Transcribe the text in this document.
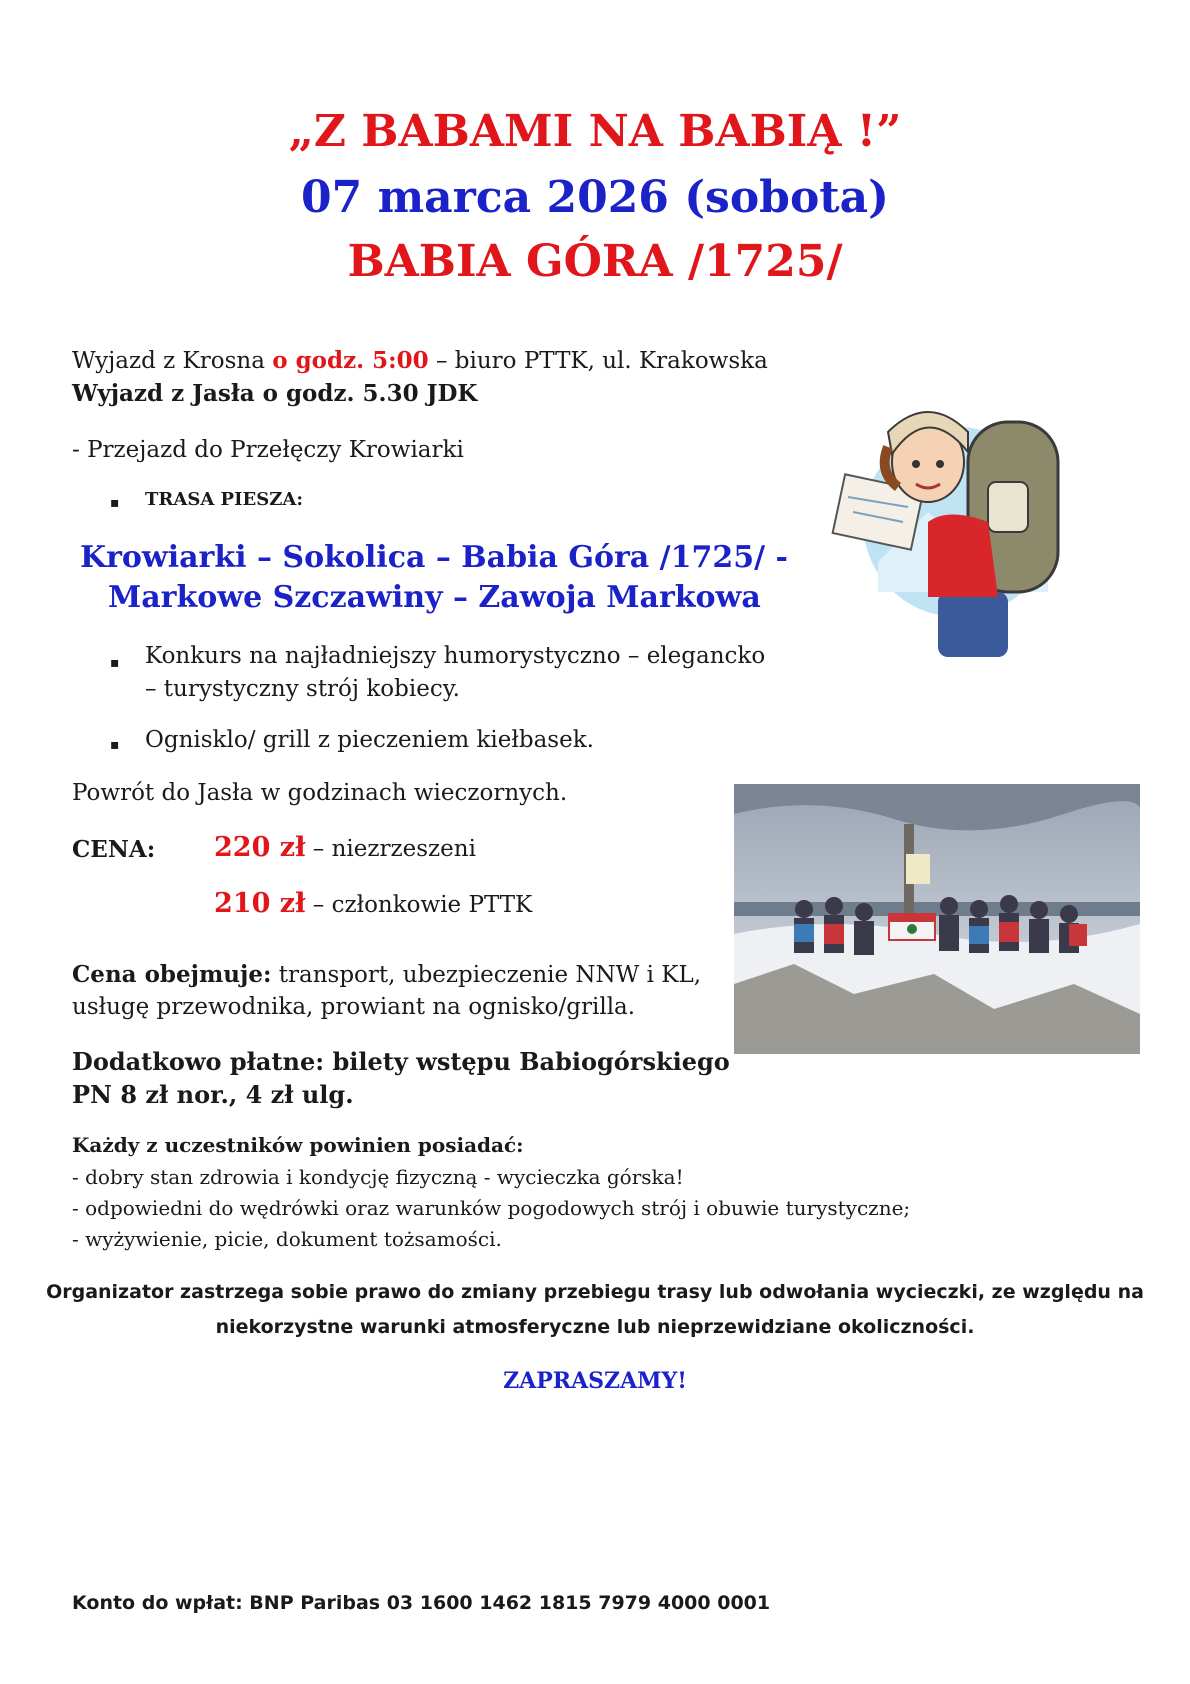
„Z BABAMI NA BABIĄ !”
07 marca 2026 (sobota)
BABIA GÓRA /1725/
Wyjazd z Krosna o godz. 5:00 – biuro PTTK, ul. Krakowska
Wyjazd z Jasła o godz. 5.30 JDK
- Przejazd do Przełęczy Krowiarki
▪ TRASA PIESZA:
Krowiarki – Sokolica – Babia Góra /1725/ -
Markowe Szczawiny – Zawoja Markowa
▪ Konkurs na najładniejszy humorystyczno – elegancko
– turystyczny strój kobiecy.
▪ Ognisklo/ grill z pieczeniem kiełbasek.
Powrót do Jasła w godzinach wieczornych.
CENA: 220 zł – niezrzeszeni
210 zł – członkowie PTTK
Cena obejmuje: transport, ubezpieczenie NNW i KL,
usługę przewodnika, prowiant na ognisko/grilla.
Dodatkowo płatne: bilety wstępu Babiogórskiego
PN 8 zł nor., 4 zł ulg.
Każdy z uczestników powinien posiadać:
- dobry stan zdrowia i kondycję fizyczną - wycieczka górska!
- odpowiedni do wędrówki oraz warunków pogodowych strój i obuwie turystyczne;
- wyżywienie, picie, dokument tożsamości.
Organizator zastrzega sobie prawo do zmiany przebiegu trasy lub odwołania wycieczki, ze względu na
niekorzystne warunki atmosferyczne lub nieprzewidziane okoliczności.
ZAPRASZAMY!
Konto do wpłat: BNP Paribas 03 1600 1462 1815 7979 4000 0001
